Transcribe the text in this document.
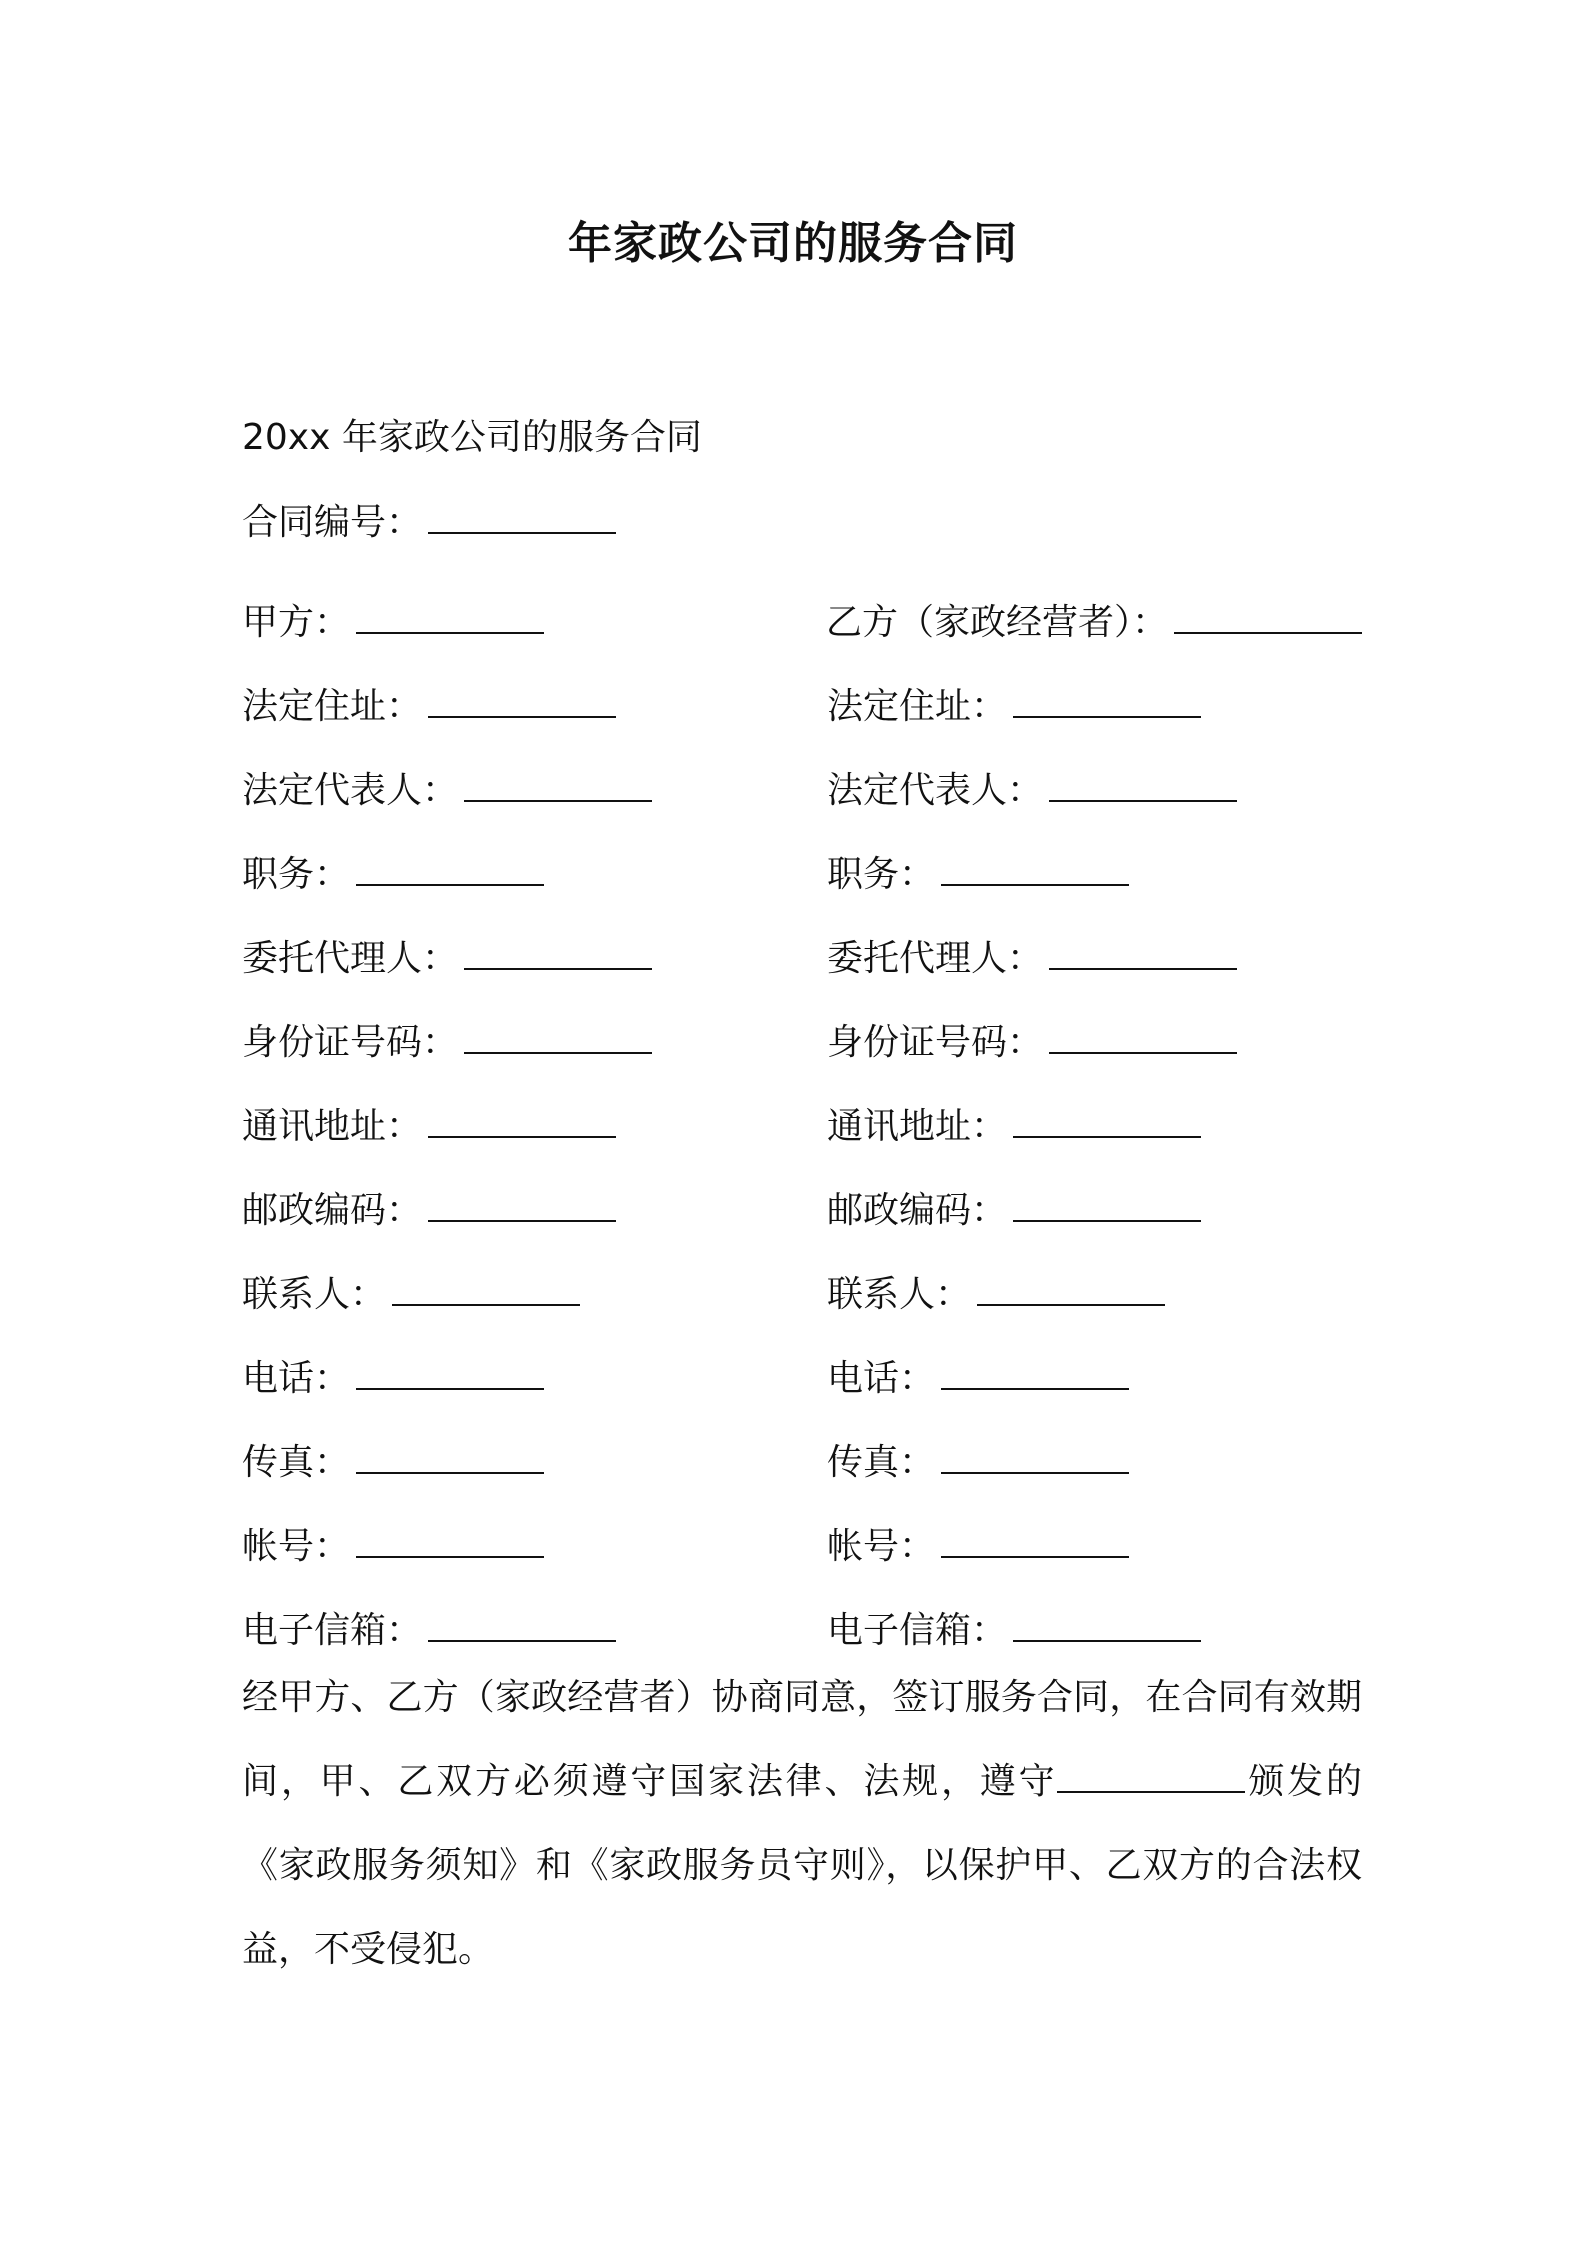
年家政公司的服务合同
20xx 年家政公司的服务合同
合同编号：
甲方：	乙方（家政经营者）：
法定住址：	法定住址：
法定代表人：	法定代表人：
职务：	职务：
委托代理人：	委托代理人：
身份证号码：	身份证号码：
通讯地址：	通讯地址：
邮政编码：	邮政编码：
联系人：	联系人：
电话：	电话：
传真：	传真：
帐号：	帐号：
电子信箱：	电子信箱：
经甲方、乙方（家政经营者）协商同意，签订服务合同，在合同有效期间，甲、乙双方必须遵守国家法律、法规，遵守	颁发的《家政服务须知》和《家政服务员守则》，以保护甲、乙双方的合法权益，不受侵犯。
